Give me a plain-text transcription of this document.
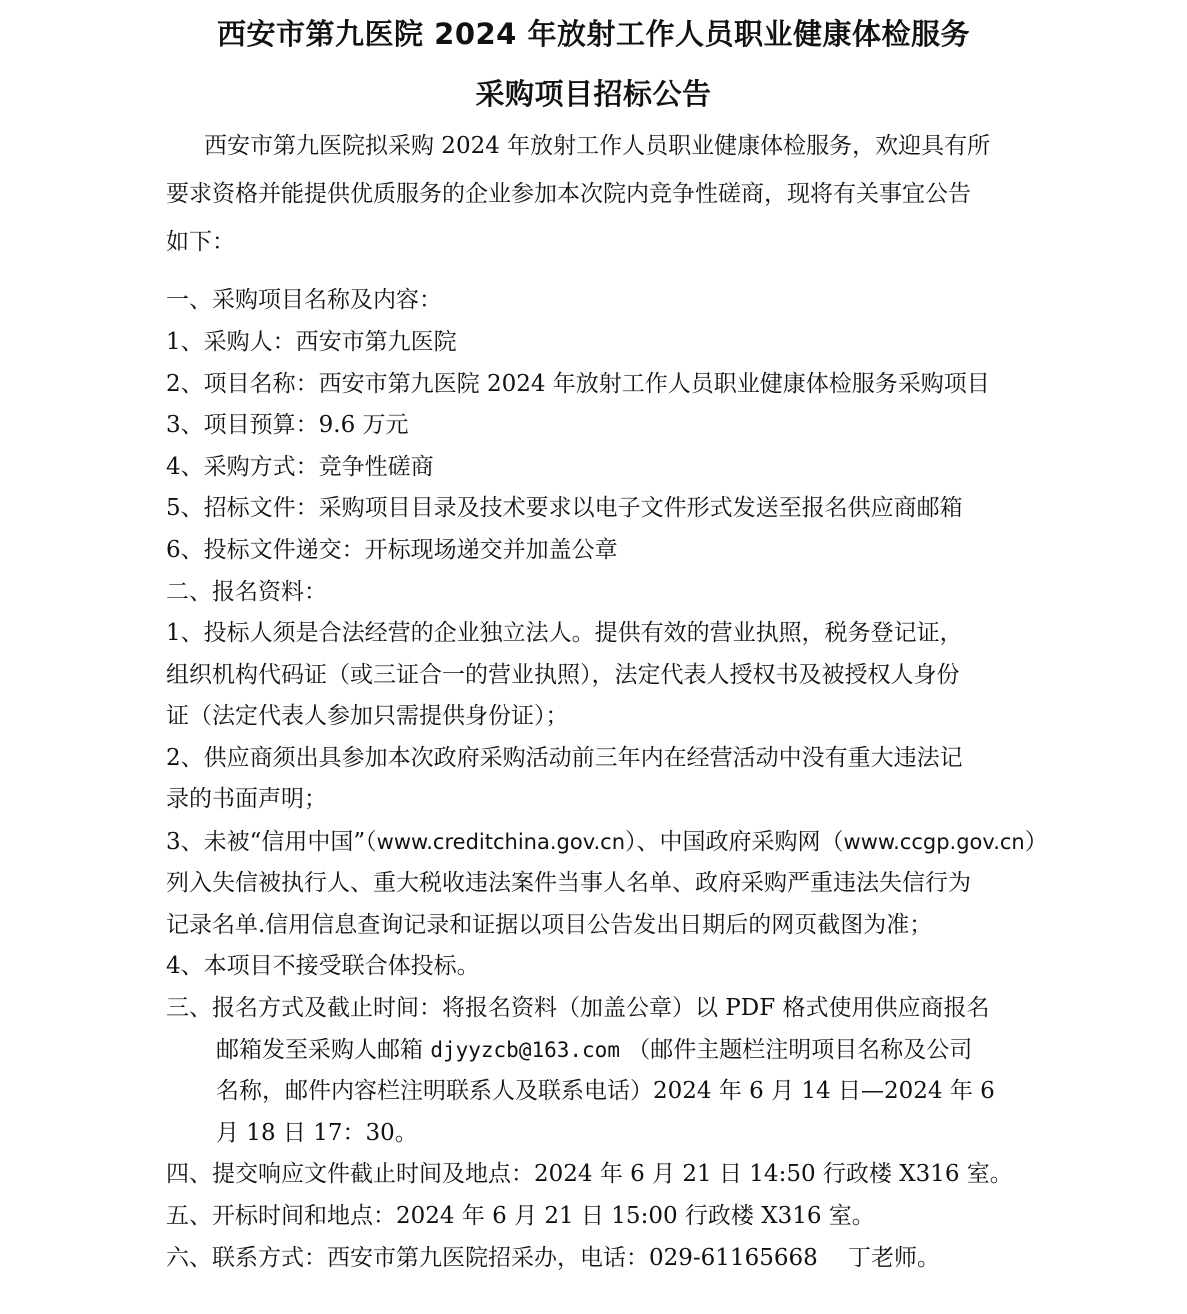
西安市第九医院 2024 年放射工作人员职业健康体检服务
采购项目招标公告
西安市第九医院拟采购 2024 年放射工作人员职业健康体检服务，欢迎具有所
要求资格并能提供优质服务的企业参加本次院内竞争性磋商，现将有关事宜公告
如下：
一、采购项目名称及内容：
1、采购人：西安市第九医院
2、项目名称：西安市第九医院 2024 年放射工作人员职业健康体检服务采购项目
3、项目预算：9.6 万元
4、采购方式：竞争性磋商
5、招标文件：采购项目目录及技术要求以电子文件形式发送至报名供应商邮箱
6、投标文件递交：开标现场递交并加盖公章
二、报名资料：
1、投标人须是合法经营的企业独立法人。提供有效的营业执照，税务登记证，
组织机构代码证（或三证合一的营业执照），法定代表人授权书及被授权人身份
证（法定代表人参加只需提供身份证）；
2、供应商须出具参加本次政府采购活动前三年内在经营活动中没有重大违法记
录的书面声明；
3、未被“信用中国”（www.creditchina.gov.cn）、中国政府采购网（www.ccgp.gov.cn）
列入失信被执行人、重大税收违法案件当事人名单、政府采购严重违法失信行为
记录名单.信用信息查询记录和证据以项目公告发出日期后的网页截图为准；
4、本项目不接受联合体投标。
三、报名方式及截止时间：将报名资料（加盖公章）以 PDF 格式使用供应商报名
邮箱发至采购人邮箱 djyyzcb@163.com （邮件主题栏注明项目名称及公司
名称，邮件内容栏注明联系人及联系电话）2024 年 6 月 14 日—2024 年 6
月 18 日 17：30。
四、提交响应文件截止时间及地点：2024 年 6 月 21 日 14:50 行政楼 X316 室。
五、开标时间和地点：2024 年 6 月 21 日 15:00 行政楼 X316 室。
六、联系方式：西安市第九医院招采办，电话：029-61165668　 丁老师。
